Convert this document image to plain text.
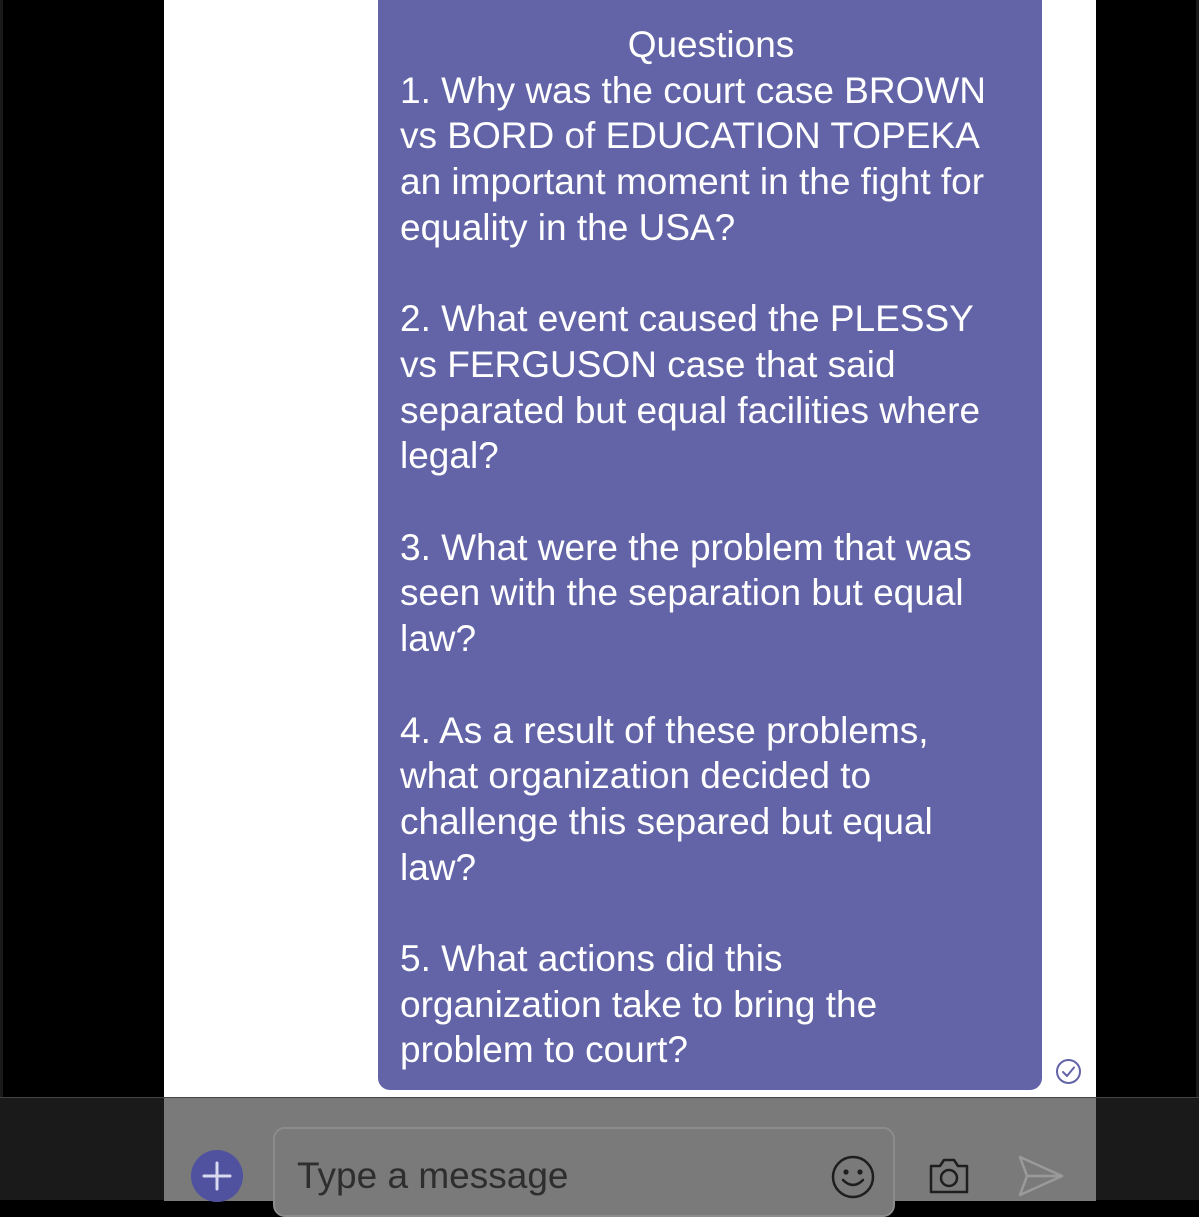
Questions
1. Why was the court case BROWN
vs BORD of EDUCATION TOPEKA
an important moment in the fight for
equality in the USA?
2. What event caused the PLESSY
vs FERGUSON case that said
separated but equal facilities where
legal?
3. What were the problem that was
seen with the separation but equal
law?
4. As a result of these problems,
what organization decided to
challenge this separed but equal
law?
5. What actions did this
organization take to bring the
problem to court?
Type a message
